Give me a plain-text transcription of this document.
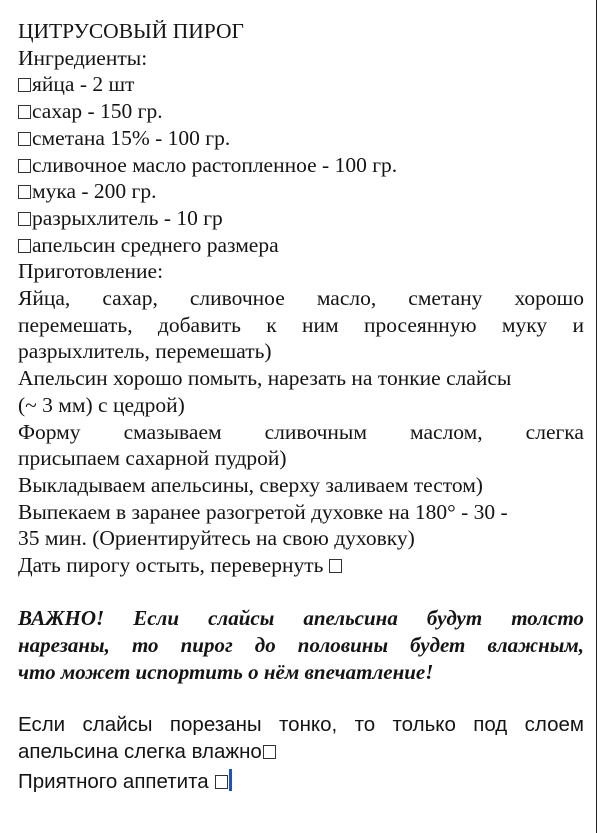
ЦИТРУСОВЫЙ ПИРОГ
Ингредиенты:
яйца - 2 шт
сахар - 150 гр.
сметана 15% - 100 гр.
сливочное масло растопленное - 100 гр.
мука - 200 гр.
разрыхлитель - 10 гр
апельсин среднего размера
Приготовление:
Яйца, сахар, сливочное масло, сметану хорошо
перемешать, добавить к ним просеянную муку и
разрыхлитель, перемешать)
Апельсин хорошо помыть, нарезать на тонкие слайсы
(~ 3 мм) с цедрой)
Форму смазываем сливочным маслом, слегка
присыпаем сахарной пудрой)
Выкладываем апельсины, сверху заливаем тестом)
Выпекаем в заранее разогретой духовке на 180° - 30 -
35 мин. (Ориентируйтесь на свою духовку)
Дать пирогу остыть, перевернуть
ВАЖНО! Если слайсы апельсина будут толсто
нарезаны, то пирог до половины будет влажным,
что может испортить о нём впечатление!
Если слайсы порезаны тонко, то только под слоем
апельсина слегка влажно
Приятного аппетита
